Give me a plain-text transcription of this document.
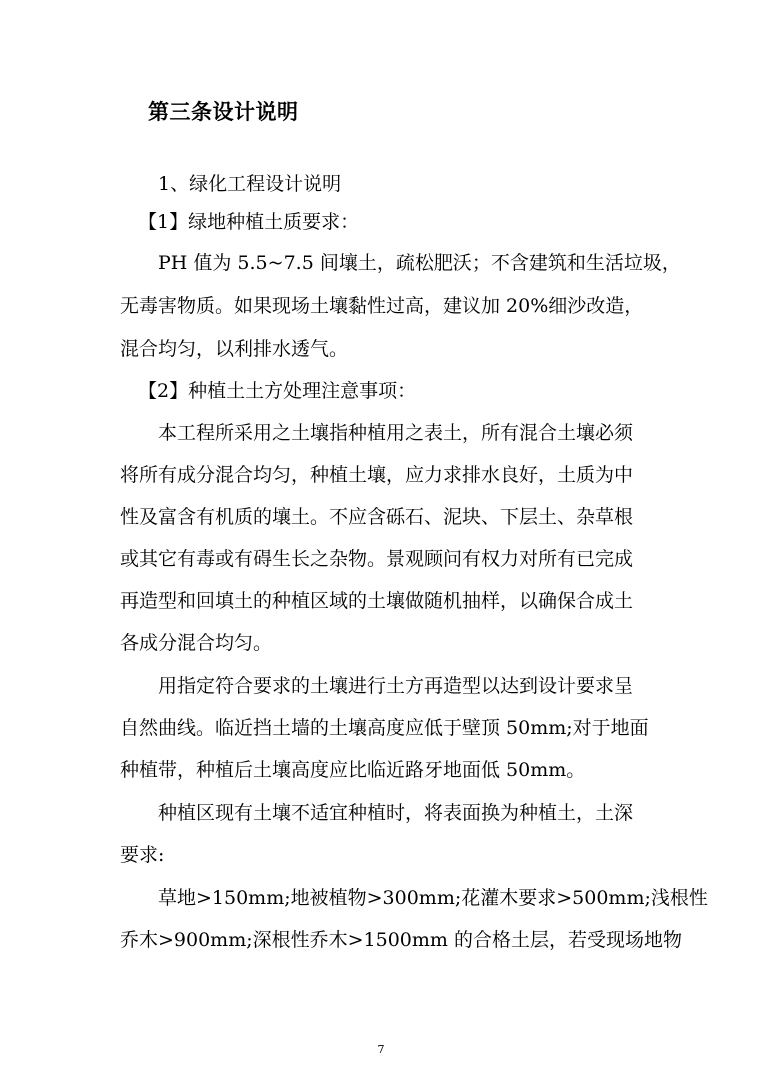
第三条设计说明
1、绿化工程设计说明
【1】绿地种植土质要求：
PH 值为 5.5~7.5 间壤土，疏松肥沃；不含建筑和生活垃圾，
无毒害物质。如果现场土壤黏性过高，建议加 20%细沙改造，
混合均匀，以利排水透气。
【2】种植土土方处理注意事项：
本工程所采用之土壤指种植用之表土，所有混合土壤必须
将所有成分混合均匀，种植土壤，应力求排水良好，土质为中
性及富含有机质的壤土。不应含砾石、泥块、下层土、杂草根
或其它有毒或有碍生长之杂物。景观顾问有权力对所有已完成
再造型和回填土的种植区域的土壤做随机抽样，以确保合成土
各成分混合均匀。
用指定符合要求的土壤进行土方再造型以达到设计要求呈
自然曲线。临近挡土墙的土壤高度应低于壁顶 50mm;对于地面
种植带，种植后土壤高度应比临近路牙地面低 50mm。
种植区现有土壤不适宜种植时，将表面换为种植土，土深
要求:
草地>150mm;地被植物>300mm;花灌木要求>500mm;浅根性
乔木>900mm;深根性乔木>1500mm 的合格土层，若受现场地物
7
